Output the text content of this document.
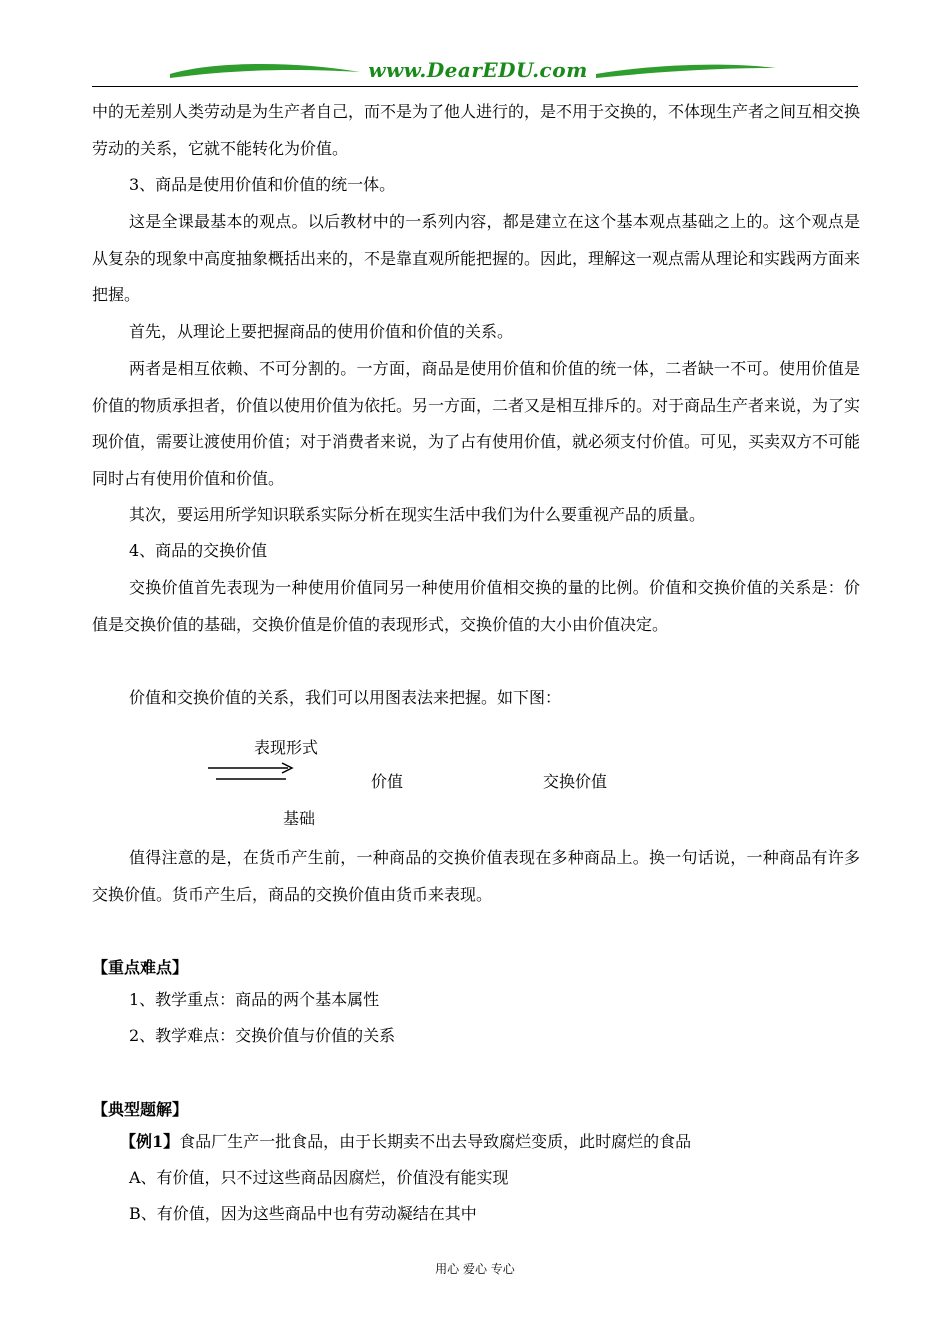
www.DearEDU.com
中的无差别人类劳动是为生产者自己，而不是为了他人进行的，是不用于交换的，不体现生产者之间互相交换劳动的关系，它就不能转化为价值。
3、商品是使用价值和价值的统一体。
这是全课最基本的观点。以后教材中的一系列内容，都是建立在这个基本观点基础之上的。这个观点是从复杂的现象中高度抽象概括出来的，不是靠直观所能把握的。因此，理解这一观点需从理论和实践两方面来把握。
首先，从理论上要把握商品的使用价值和价值的关系。
两者是相互依赖、不可分割的。一方面，商品是使用价值和价值的统一体，二者缺一不可。使用价值是价值的物质承担者，价值以使用价值为依托。另一方面，二者又是相互排斥的。对于商品生产者来说，为了实现价值，需要让渡使用价值；对于消费者来说，为了占有使用价值，就必须支付价值。可见，买卖双方不可能同时占有使用价值和价值。
其次，要运用所学知识联系实际分析在现实生活中我们为什么要重视产品的质量。
4、商品的交换价值
交换价值首先表现为一种使用价值同另一种使用价值相交换的量的比例。价值和交换价值的关系是：价值是交换价值的基础，交换价值是价值的表现形式，交换价值的大小由价值决定。
价值和交换价值的关系，我们可以用图表法来把握。如下图：
表现形式
价值	交换价值
基础
值得注意的是，在货币产生前，一种商品的交换价值表现在多种商品上。换一句话说，一种商品有许多交换价值。货币产生后，商品的交换价值由货币来表现。
【重点难点】
1、教学重点：商品的两个基本属性
2、教学难点：交换价值与价值的关系
【典型题解】
【例1】食品厂生产一批食品，由于长期卖不出去导致腐烂变质，此时腐烂的食品
A、有价值，只不过这些商品因腐烂，价值没有能实现
B、有价值，因为这些商品中也有劳动凝结在其中
用心 爱心 专心
